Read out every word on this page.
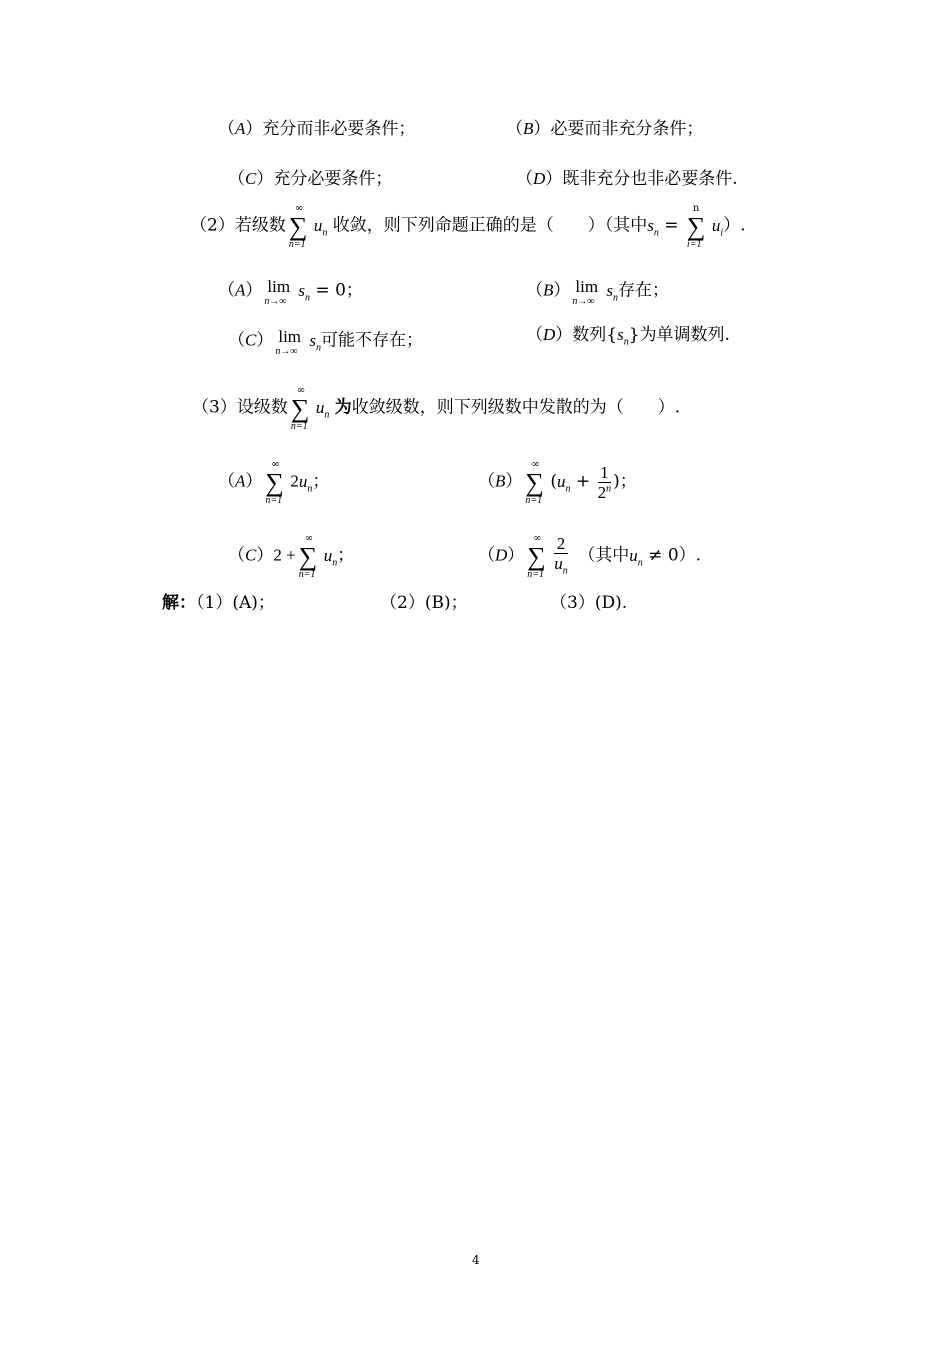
（A）充分而非必要条件；	（B）必要而非充分条件；
（C）充分必要条件；	（D）既非充分也非必要条件.
（2）若级数
∞
∑
n=1
$u_n$ 收敛，则下列命题正确的是（　　）（其中$s_n$ =
n
∑
i=1
$u_i$）.
（A） lim
n→∞
$s_n = 0$；	（B） lim
n→∞
$s_n$存在；
（C） lim
n→∞
$s_n$可能不存在；	（D）数列$\{s_n\}$为单调数列.
（3）设级数
∞
∑
n=1
$u_n$ 为收敛级数，则下列级数中发散的为（　　）.
（A）
∞
∑
n=1
$2u_n$；	（B）
∞
∑
n=1
($u_n + \frac{1}{2^n}$ )；
（C）2 +
∞
∑
n=1
$u_n$；	（D）
∞
∑
$n=1 \frac{2}{u_n}$
　 （其中$u_n \ne 0$）.
解：（1）(A)；	（2）(B)；	（3）(D).
4
